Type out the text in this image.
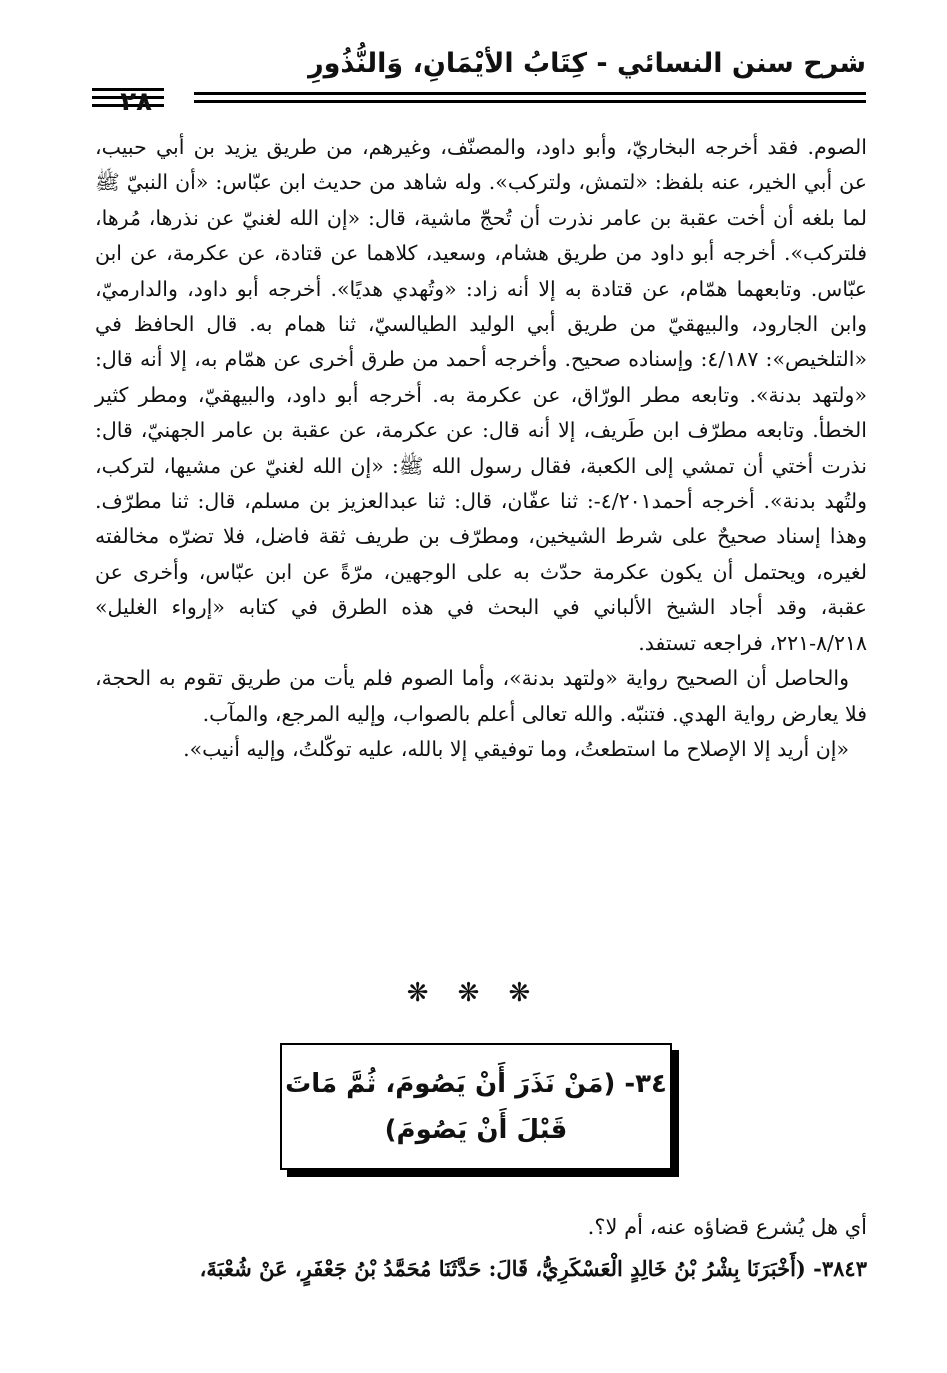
شرح سنن النسائي - كِتَابُ الأيْمَانِ، وَالنُّذُورِ
٢٨

الصوم. فقد أخرجه البخاريّ، وأبو داود، والمصنّف، وغيرهم، من طريق يزيد بن أبي حبيب، عن أبي الخير، عنه بلفظ: «لتمش، ولتركب». وله شاهد من حديث ابن عبّاس: «أن النبيّ ﷺ لما بلغه أن أخت عقبة بن عامر نذرت أن تُحجّ ماشية، قال: «إن الله لغنيّ عن نذرها، مُرها، فلتركب». أخرجه أبو داود من طريق هشام، وسعيد، كلاهما عن قتادة، عن عكرمة، عن ابن عبّاس. وتابعهما همّام، عن قتادة به إلا أنه زاد: «وتُهدي هديًا». أخرجه أبو داود، والدارميّ، وابن الجارود، والبيهقيّ من طريق أبي الوليد الطيالسيّ، ثنا همام به. قال الحافظ في «التلخيص»: ٤/١٨٧: وإسناده صحيح. وأخرجه أحمد من طرق أخرى عن همّام به، إلا أنه قال: «ولتهد بدنة». وتابعه مطر الورّاق، عن عكرمة به. أخرجه أبو داود، والبيهقيّ، ومطر كثير الخطأ. وتابعه مطرّف ابن طَريف، إلا أنه قال: عن عكرمة، عن عقبة بن عامر الجهنيّ، قال: نذرت أختي أن تمشي إلى الكعبة، فقال رسول الله ﷺ: «إن الله لغنيّ عن مشيها، لتركب، ولتُهد بدنة». أخرجه أحمد٤/٢٠١-: ثنا عفّان، قال: ثنا عبدالعزيز بن مسلم، قال: ثنا مطرّف. وهذا إسناد صحيحٌ على شرط الشيخين، ومطرّف بن طريف ثقة فاضل، فلا تضرّه مخالفته لغيره، ويحتمل أن يكون عكرمة حدّث به على الوجهين، مرّةً عن ابن عبّاس، وأخرى عن عقبة، وقد أجاد الشيخ الألباني في البحث في هذه الطرق في كتابه «إرواء الغليل» ٨/٢١٨-٢٢١، فراجعه تستفد.

والحاصل أن الصحيح رواية «ولتهد بدنة»، وأما الصوم فلم يأت من طريق تقوم به الحجة، فلا يعارض رواية الهدي. فتنبّه. والله تعالى أعلم بالصواب، وإليه المرجع، والمآب.

«إن أريد إلا الإصلاح ما استطعتُ، وما توفيقي إلا بالله، عليه توكّلتُ، وإليه أنيب».

❋ ❋ ❋
٣٤- (مَنْ نَذَرَ أَنْ يَصُومَ، ثُمَّ مَاتَ
قَبْلَ أَنْ يَصُومَ)

أي هل يُشرع قضاؤه عنه، أم لا؟.

٣٨٤٣- (أَخْبَرَنَا بِشْرُ بْنُ خَالِدٍ الْعَسْكَرِيُّ، قَالَ: حَدَّثَنَا مُحَمَّدُ بْنُ جَعْفَرٍ، عَنْ شُعْبَةَ،
